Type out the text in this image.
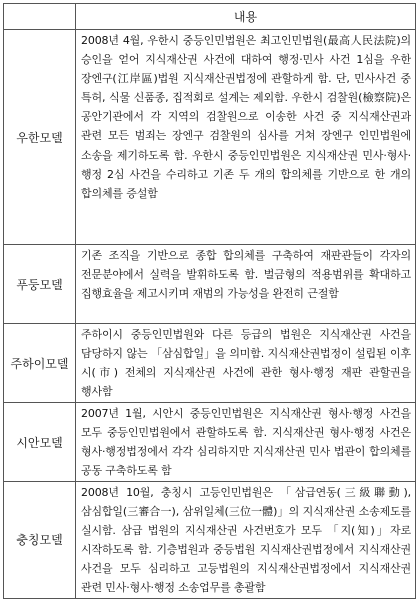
	내용
우한모델	2008년 4월, 우한시 중등인민법원은 최고인민법원(最高人民法院)의 승인을 얻어 지식재산권 사건에 대하여 행정·민사 사건 1심을 우한 장엔구(江岸區)법원 지식재산권법정에 관할하게 함. 단, 민사사건 중 특허, 식물 신품종, 집적회로 설계는 제외함. 우한시 검찰원(檢察院)은 공안기관에서 각 지역의 검찰원으로 이송한 사건 중 지식재산권과 관련 모든 범죄는 장엔구 검찰원의 심사를 거쳐 장엔구 인민법원에 소송을 제기하도록 함. 우한시 중등인민법원은 지식재산권 민사·형사·행정 2심 사건을 수리하고 기존 두 개의 합의체를 기반으로 한 개의 합의체를 증설함
푸둥모델	기존 조직을 기반으로 종합 합의체를 구축하여 재판관들이 각자의 전문분야에서 실력을 발휘하도록 함. 벌금형의 적용범위를 확대하고 집행효율을 제고시키며 재범의 가능성을 완전히 근절함
주하이모델	주하이시 중등인민법원와 다른 등급의 법원은 지식재산권 사건을 담당하지 않는 「삼심합일」을 의미함. 지식재산권법정이 설립된 이후 시(市) 전체의 지식재산권 사건에 관한 형사·행정 재판 관할권을 행사함
시안모델	2007년 1월, 시안시 중등인민법원은 지식재산권 형사·행정 사건을 모두 중등인민법원에서 관할하도록 함. 지식재산권 형사·행정 사건은 형사·행정법정에서 각각 심리하지만 지식재산권 민사 법관이 합의체를 공동 구축하도록 함
충칭모델	2008년 10월, 충칭시 고등인민법원은 「삼급연동(三級聯動), 삼심합일(三審合一), 삼위일체(三位一體)」의 지식재산권 소송제도를 실시함. 삼급 법원의 지식재산권 사건번호가 모두 「지(知)」자로 시작하도록 함. 기층법원과 중등법원 지식재산권법정에서 지식재산권 사건을 모두 심리하고 고등법원의 지식재산권법정에서 지식재산권 관련 민사·형사·행정 소송업무를 총괄함
